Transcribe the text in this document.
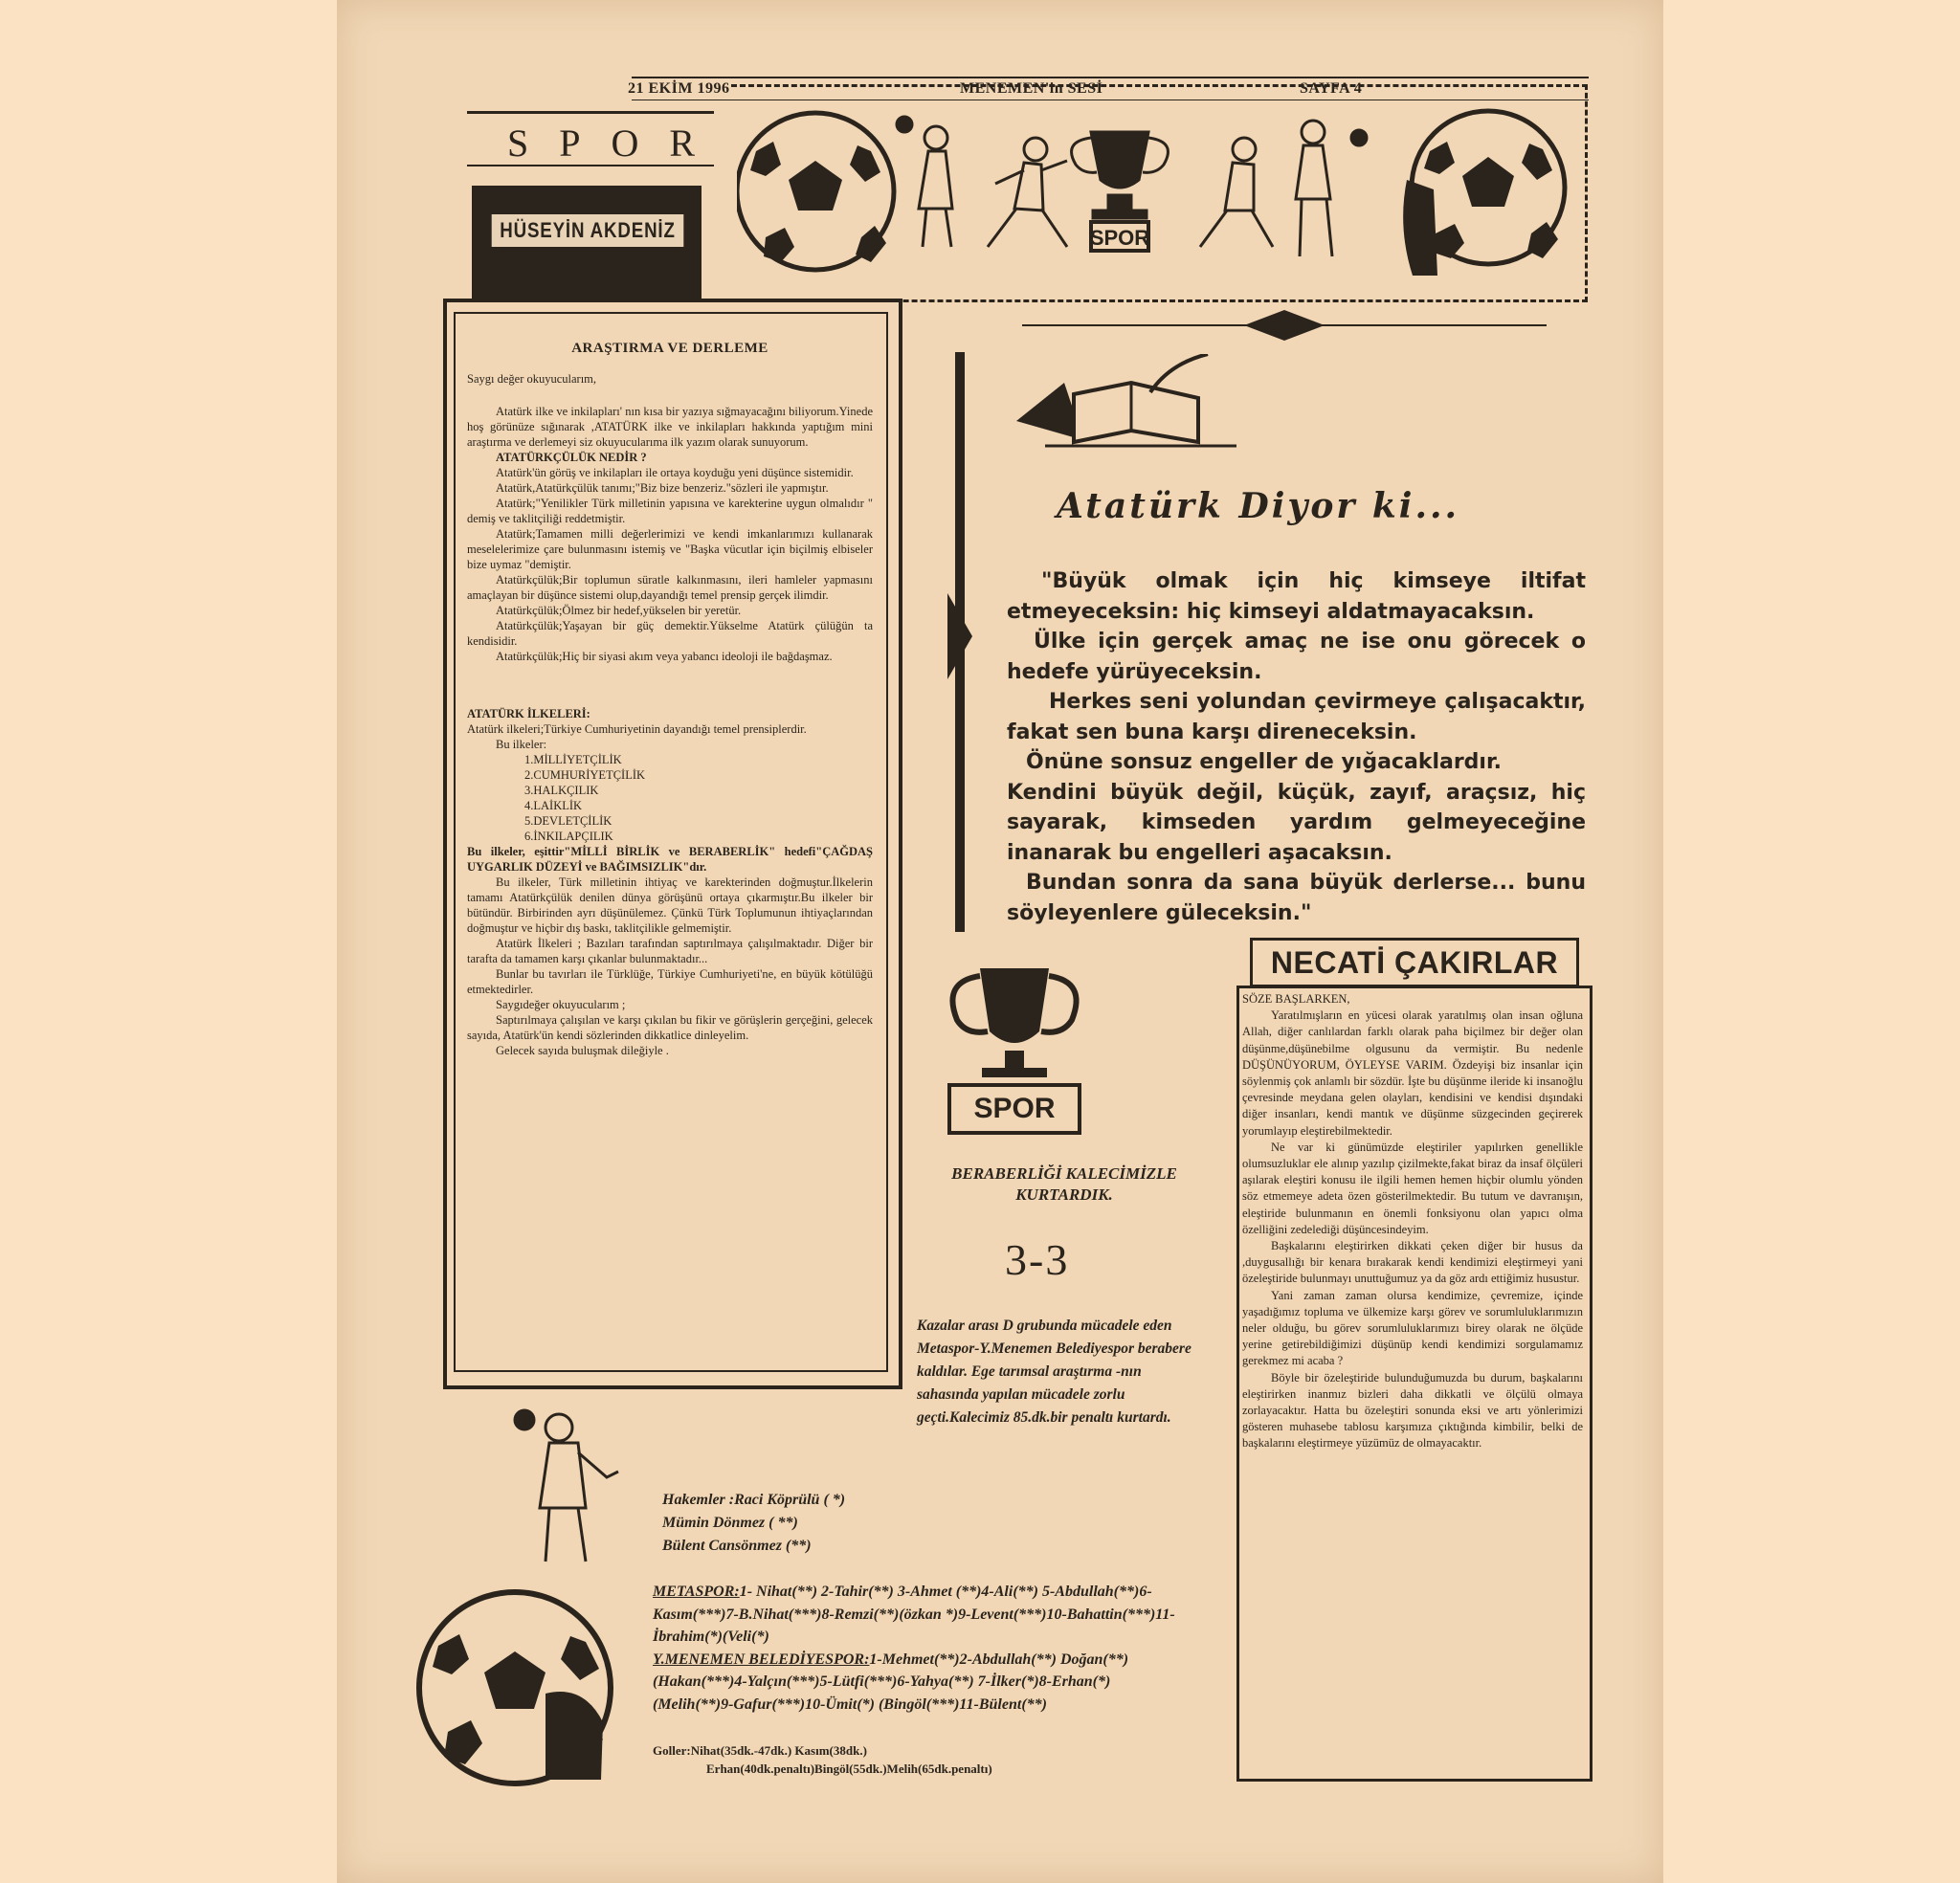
21 EKİM 1996	MENEMEN'in SESİ	SAYFA 4
SPOR
SPOR
HÜSEYİN AKDENİZ

ARAŞTIRMA VE DERLEME

Saygı değer okuyucularım,

Atatürk ilke ve inkilapları' nın kısa bir yazıya sığmayacağını biliyorum.Yinede hoş görünüze sığınarak ,ATATÜRK ilke ve inkilapları hakkında yaptığım mini araştırma ve derlemeyi siz okuyucularıma ilk yazım olarak sunuyorum.

ATATÜRKÇÜLÜK NEDİR ?

Atatürk'ün görüş ve inkilapları ile ortaya koyduğu yeni düşünce sistemidir.

Atatürk,Atatürkçülük tanımı;"Biz bize benzeriz."sözleri ile yapmıştır.

Atatürk;"Yenilikler Türk milletinin yapısına ve karekterine uygun olmalıdır " demiş ve taklitçiliği reddetmiştir.

Atatürk;Tamamen milli değerlerimizi ve kendi imkanlarımızı kullanarak meselelerimize çare bulunmasını istemiş ve "Başka vücutlar için biçilmiş elbiseler bize uymaz "demiştir.

Atatürkçülük;Bir toplumun süratle kalkınmasını, ileri hamleler yapmasını amaçlayan bir düşünce sistemi olup,dayandığı temel prensip gerçek ilimdir.

Atatürkçülük;Ölmez bir hedef,yükselen bir yeretür.

Atatürkçülük;Yaşayan bir güç demektir.Yükselme Atatürk çülüğün ta kendisidir.

Atatürkçülük;Hiç bir siyasi akım veya yabancı ideoloji ile bağdaşmaz.

ATATÜRK İLKELERİ:

Atatürk ilkeleri;Türkiye Cumhuriyetinin dayandığı temel prensiplerdir.

Bu ilkeler:

1.MİLLİYETÇİLİK

2.CUMHURİYETÇİLİK

3.HALKÇILIK

4.LAİKLİK

5.DEVLETÇİLİK

6.İNKILAPÇILIK

Bu ilkeler, eşittir"MİLLİ BİRLİK ve BERABERLİK" hedefi"ÇAĞDAŞ UYGARLIK DÜZEYİ ve BAĞIMSIZLIK"dır.

Bu ilkeler, Türk milletinin ihtiyaç ve karekterinden doğmuştur.İlkelerin tamamı Atatürkçülük denilen dünya görüşünü ortaya çıkarmıştır.Bu ilkeler bir bütündür. Birbirinden ayrı düşünülemez. Çünkü Türk Toplumunun ihtiyaçlarından doğmuştur ve hiçbir dış baskı, taklitçilikle gelmemiştir.

Atatürk İlkeleri ; Bazıları tarafından saptırılmaya çalışılmaktadır. Diğer bir tarafta da tamamen karşı çıkanlar bulunmaktadır...

Bunlar bu tavırları ile Türklüğe, Türkiye Cumhuriyeti'ne, en büyük kötülüğü etmektedirler.

Saygıdeğer okuyucularım ;

Saptırılmaya çalışılan ve karşı çıkılan bu fikir ve görüşlerin gerçeğini, gelecek sayıda, Atatürk'ün kendi sözlerinden dikkatlice dinleyelim.

Gelecek sayıda buluşmak dileğiyle .

Atatürk Diyor ki...

"Büyük olmak için hiç kimseye iltifat etmeyeceksin: hiç kimseyi aldatmayacaksın.

Ülke için gerçek amaç ne ise onu görecek o hedefe yürüyeceksin.

Herkes seni yolundan çevirmeye çalışacaktır, fakat sen buna karşı direneceksin.

Önüne sonsuz engeller de yığacaklardır.

Kendini büyük değil, küçük, zayıf, araçsız, hiç sayarak, kimseden yardım gelmeyeceğine inanarak bu engelleri aşacaksın.

Bundan sonra da sana büyük derlerse... bunu söyleyenlere güleceksin."

SPOR
BERABERLİĞİ KALECİMİZLE KURTARDIK.
3-3
Kazalar arası D grubunda mücadele eden Metaspor-Y.Menemen Belediyespor berabere kaldılar. Ege tarımsal araştırma -nın sahasında yapılan mücadele zorlu geçti.Kalecimiz 85.dk.bir penaltı kurtardı.
Hakemler :Raci Köprülü ( *)
Mümin Dönmez ( **)
Bülent Cansönmez (**)

METASPOR:1- Nihat(**) 2-Tahir(**) 3-Ahmet (**)4-Ali(**) 5-Abdullah(**)6-Kasım(***)7-B.Nihat(***)8-Remzi(**)(özkan *)9-Levent(***)10-Bahattin(***)11-İbrahim(*)(Veli(*)

Y.MENEMEN BELEDİYESPOR:1-Mehmet(**)2-Abdullah(**) Doğan(**)(Hakan(***)4-Yalçın(***)5-Lütfi(***)6-Yahya(**) 7-İlker(*)8-Erhan(*)(Melih(**)9-Gafur(***)10-Ümit(*) (Bingöl(***)11-Bülent(**)

Goller:Nihat(35dk.-47dk.) Kasım(38dk.)

Erhan(40dk.penaltı)Bingöl(55dk.)Melih(65dk.penaltı)

NECATİ ÇAKIRLAR

SÖZE BAŞLARKEN,

Yaratılmışların en yücesi olarak yaratılmış olan insan oğluna Allah, diğer canlılardan farklı olarak paha biçilmez bir değer olan düşünme,düşünebilme olgusunu da vermiştir. Bu nedenle DÜŞÜNÜYORUM, ÖYLEYSE VARIM. Özdeyişi biz insanlar için söylenmiş çok anlamlı bir sözdür. İşte bu düşünme ileride ki insanoğlu çevresinde meydana gelen olayları, kendisini ve kendisi dışındaki diğer insanları, kendi mantık ve düşünme süzgecinden geçirerek yorumlayıp eleştirebilmektedir.

Ne var ki günümüzde eleştiriler yapılırken genellikle olumsuzluklar ele alınıp yazılıp çizilmekte,fakat biraz da insaf ölçüleri aşılarak eleştiri konusu ile ilgili hemen hemen hiçbir olumlu yönden söz etmemeye adeta özen gösterilmektedir. Bu tutum ve davranışın, eleştiride bulunmanın en önemli fonksiyonu olan yapıcı olma özelliğini zedelediği düşüncesindeyim.

Başkalarını eleştirirken dikkati çeken diğer bir husus da ,duygusallığı bir kenara bırakarak kendi kendimizi eleştirmeyi yani özeleştiride bulunmayı unuttuğumuz ya da göz ardı ettiğimiz husustur.

Yani zaman zaman olursa kendimize, çevremize, içinde yaşadığımız topluma ve ülkemize karşı görev ve sorumluluklarımızın neler olduğu, bu görev sorumluluklarımızı birey olarak ne ölçüde yerine getirebildiğimizi düşünüp kendi kendimizi sorgulamamız gerekmez mi acaba ?

Böyle bir özeleştiride bulunduğumuzda bu durum, başkalarını eleştirirken inanmız bizleri daha dikkatli ve ölçülü olmaya zorlayacaktır. Hatta bu özeleştiri sonunda eksi ve artı yönlerimizi gösteren muhasebe tablosu karşımıza çıktığında kimbilir, belki de başkalarını eleştirmeye yüzümüz de olmayacaktır.
